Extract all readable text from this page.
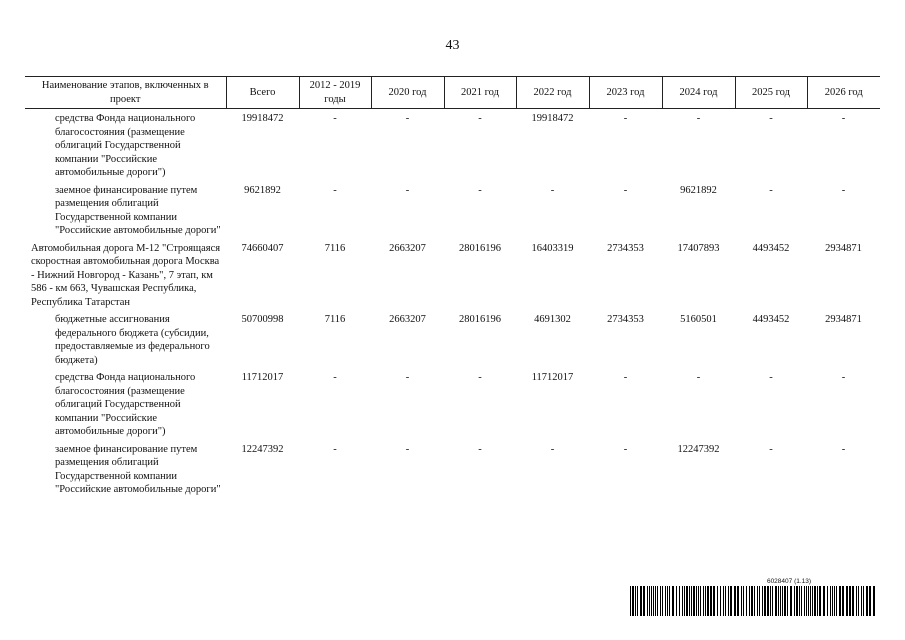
43
Наименование этапов, включенных в проект	Всего	2012 - 2019 годы	2020 год	2021 год	2022 год	2023 год	2024 год	2025 год	2026 год
средства Фонда национального благосостояния (размещение облигаций Государственной компании "Российские автомобильные дороги")	19918472	-	-	-	19918472	-	-	-	-
заемное финансирование путем размещения облигаций Государственной компании "Российские автомобильные дороги"	9621892	-	-	-	-	-	9621892	-	-
Автомобильная дорога М-12 "Строящаяся скоростная автомобильная дорога Москва - Нижний Новгород - Казань", 7 этап, км 586 - км 663, Чувашская Республика, Республика Татарстан	74660407	7116	2663207	28016196	16403319	2734353	17407893	4493452	2934871
бюджетные ассигнования федерального бюджета (субсидии, предоставляемые из федерального бюджета)	50700998	7116	2663207	28016196	4691302	2734353	5160501	4493452	2934871
средства Фонда национального благосостояния (размещение облигаций Государственной компании "Российские автомобильные дороги")	11712017	-	-	-	11712017	-	-	-	-
заемное финансирование путем размещения облигаций Государственной компании "Российские автомобильные дороги"	12247392	-	-	-	-	-	12247392	-	-
6028407 (1.13)
